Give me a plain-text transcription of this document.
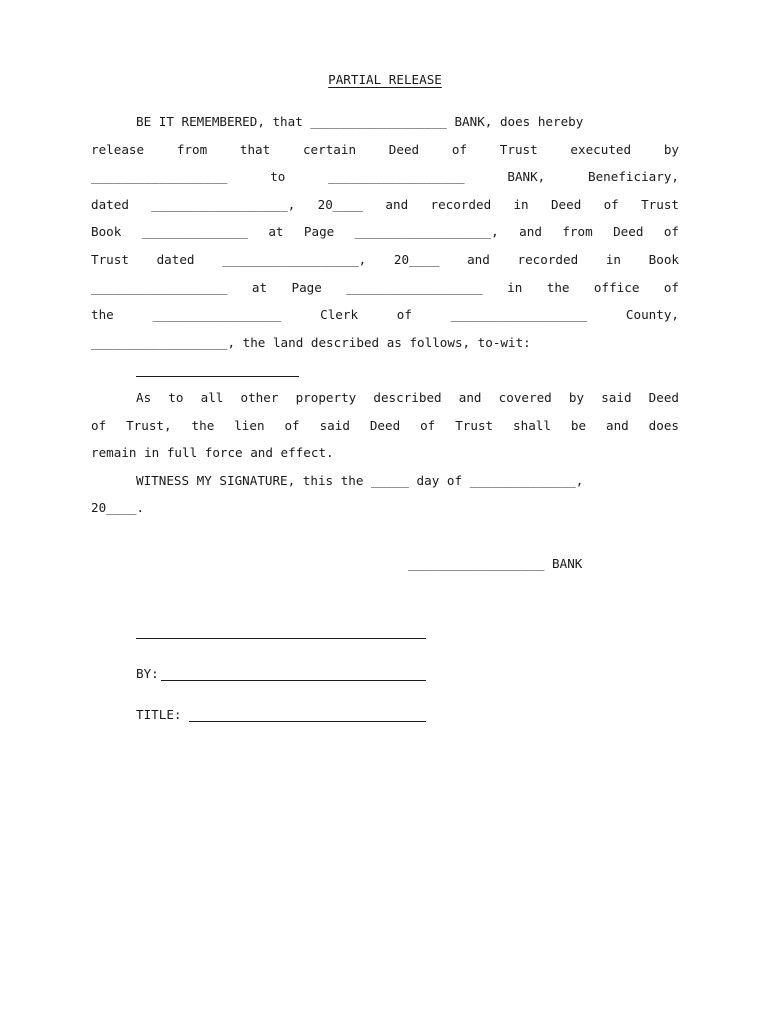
PARTIAL RELEASE

BE IT REMEMBERED, that __________________ BANK, does hereby

release from that certain Deed of Trust executed by

__________________ to __________________ BANK, Beneficiary,

dated __________________, 20____ and recorded in Deed of Trust

Book ______________ at Page __________________, and from Deed of

Trust dated __________________, 20____ and recorded in Book

__________________ at Page __________________ in the office of

the _________________ Clerk of __________________ County,

__________________, the land described as follows, to-wit:

As to all other property described and covered by said Deed

of Trust, the lien of said Deed of Trust shall be and does

remain in full force and effect.

WITNESS MY SIGNATURE, this the _____ day of ______________,

20____.

__________________ BANK

BY:
TITLE:
